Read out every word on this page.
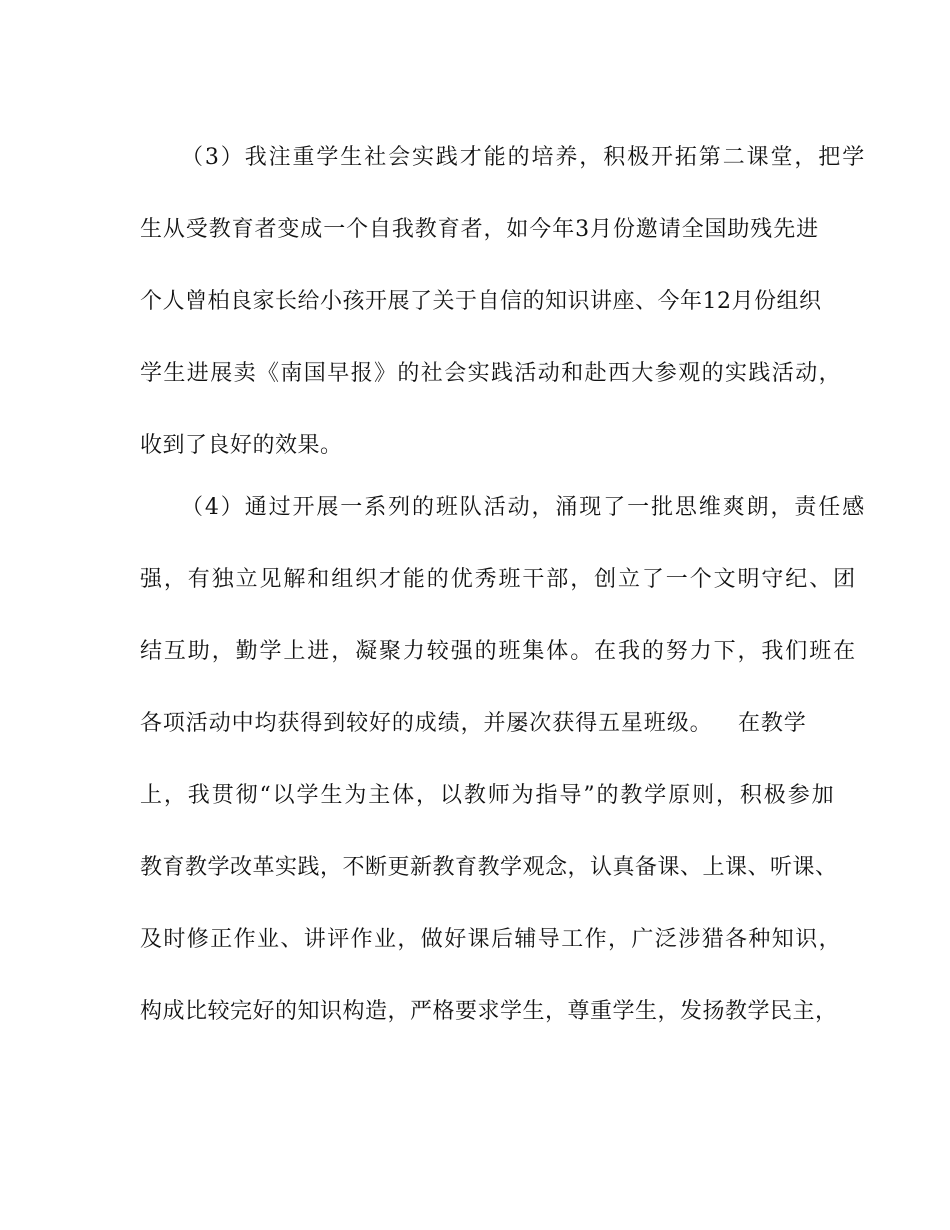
（3）我注重学生社会实践才能的培养，积极开拓第二课堂，把学
生从受教育者变成一个自我教育者，如今年3月份邀请全国助残先进
个人曾柏良家长给小孩开展了关于自信的知识讲座、今年12月份组织
学生进展卖《南国早报》的社会实践活动和赴西大参观的实践活动，
收到了良好的效果。
（4）通过开展一系列的班队活动，涌现了一批思维爽朗，责任感
强，有独立见解和组织才能的优秀班干部，创立了一个文明守纪、团
结互助，勤学上进，凝聚力较强的班集体。在我的努力下，我们班在
各项活动中均获得到较好的成绩，并屡次获得五星班级。 在教学
上，我贯彻“以学生为主体，以教师为指导”的教学原则，积极参加
教育教学改革实践，不断更新教育教学观念，认真备课、上课、听课、
及时修正作业、讲评作业，做好课后辅导工作，广泛涉猎各种知识，
构成比较完好的知识构造，严格要求学生，尊重学生，发扬教学民主，
